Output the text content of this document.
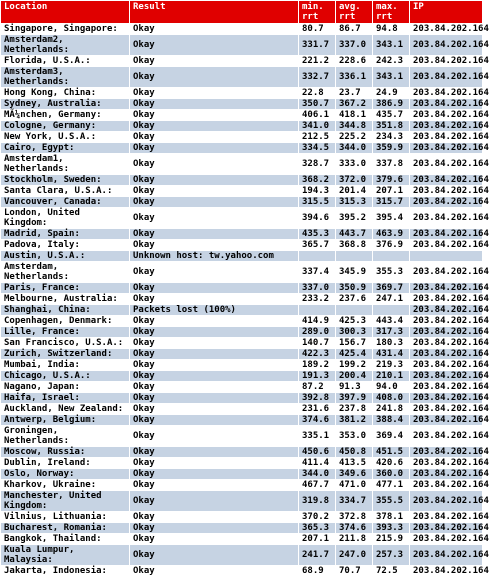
Location	Result	min. rrt	avg. rrt	max. rrt	IP
Singapore, Singapore:	Okay	80.7	86.7	94.8	203.84.202.164
Amsterdam2, Netherlands:	Okay	331.7	337.0	343.1	203.84.202.164
Florida, U.S.A.:	Okay	221.2	228.6	242.3	203.84.202.164
Amsterdam3, Netherlands:	Okay	332.7	336.1	343.1	203.84.202.164
Hong Kong, China:	Okay	22.8	23.7	24.9	203.84.202.164
Sydney, Australia:	Okay	350.7	367.2	386.9	203.84.202.164
MÃ¼nchen, Germany:	Okay	406.1	418.1	435.7	203.84.202.164
Cologne, Germany:	Okay	341.0	344.8	351.8	203.84.202.164
New York, U.S.A.:	Okay	212.5	225.2	234.3	203.84.202.164
Cairo, Egypt:	Okay	334.5	344.0	359.9	203.84.202.164
Amsterdam1, Netherlands:	Okay	328.7	333.0	337.8	203.84.202.164
Stockholm, Sweden:	Okay	368.2	372.0	379.6	203.84.202.164
Santa Clara, U.S.A.:	Okay	194.3	201.4	207.1	203.84.202.164
Vancouver, Canada:	Okay	315.5	315.3	315.7	203.84.202.164
London, United Kingdom:	Okay	394.6	395.2	395.4	203.84.202.164
Madrid, Spain:	Okay	435.3	443.7	463.9	203.84.202.164
Padova, Italy:	Okay	365.7	368.8	376.9	203.84.202.164
Austin, U.S.A.:	Unknown host: tw.yahoo.com				
Amsterdam, Netherlands:	Okay	337.4	345.9	355.3	203.84.202.164
Paris, France:	Okay	337.0	350.9	369.7	203.84.202.164
Melbourne, Australia:	Okay	233.2	237.6	247.1	203.84.202.164
Shanghai, China:	Packets lost (100%)				203.84.202.164
Copenhagen, Denmark:	Okay	414.9	425.3	443.4	203.84.202.164
Lille, France:	Okay	289.0	300.3	317.3	203.84.202.164
San Francisco, U.S.A.:	Okay	140.7	156.7	180.3	203.84.202.164
Zurich, Switzerland:	Okay	422.3	425.4	431.4	203.84.202.164
Mumbai, India:	Okay	189.2	199.2	219.3	203.84.202.164
Chicago, U.S.A.:	Okay	191.3	200.4	210.1	203.84.202.164
Nagano, Japan:	Okay	87.2	91.3	94.0	203.84.202.164
Haifa, Israel:	Okay	392.8	397.9	408.0	203.84.202.164
Auckland, New Zealand:	Okay	231.6	237.8	241.8	203.84.202.164
Antwerp, Belgium:	Okay	374.6	381.2	388.4	203.84.202.164
Groningen, Netherlands:	Okay	335.1	353.0	369.4	203.84.202.164
Moscow, Russia:	Okay	450.6	450.8	451.5	203.84.202.164
Dublin, Ireland:	Okay	411.4	413.5	420.6	203.84.202.164
Oslo, Norway:	Okay	344.0	349.6	360.0	203.84.202.164
Kharkov, Ukraine:	Okay	467.7	471.0	477.1	203.84.202.164
Manchester, United Kingdom:	Okay	319.8	334.7	355.5	203.84.202.164
Vilnius, Lithuania:	Okay	370.2	372.8	378.1	203.84.202.164
Bucharest, Romania:	Okay	365.3	374.6	393.3	203.84.202.164
Bangkok, Thailand:	Okay	207.1	211.8	215.9	203.84.202.164
Kuala Lumpur, Malaysia:	Okay	241.7	247.0	257.3	203.84.202.164
Jakarta, Indonesia:	Okay	68.9	70.7	72.5	203.84.202.164
